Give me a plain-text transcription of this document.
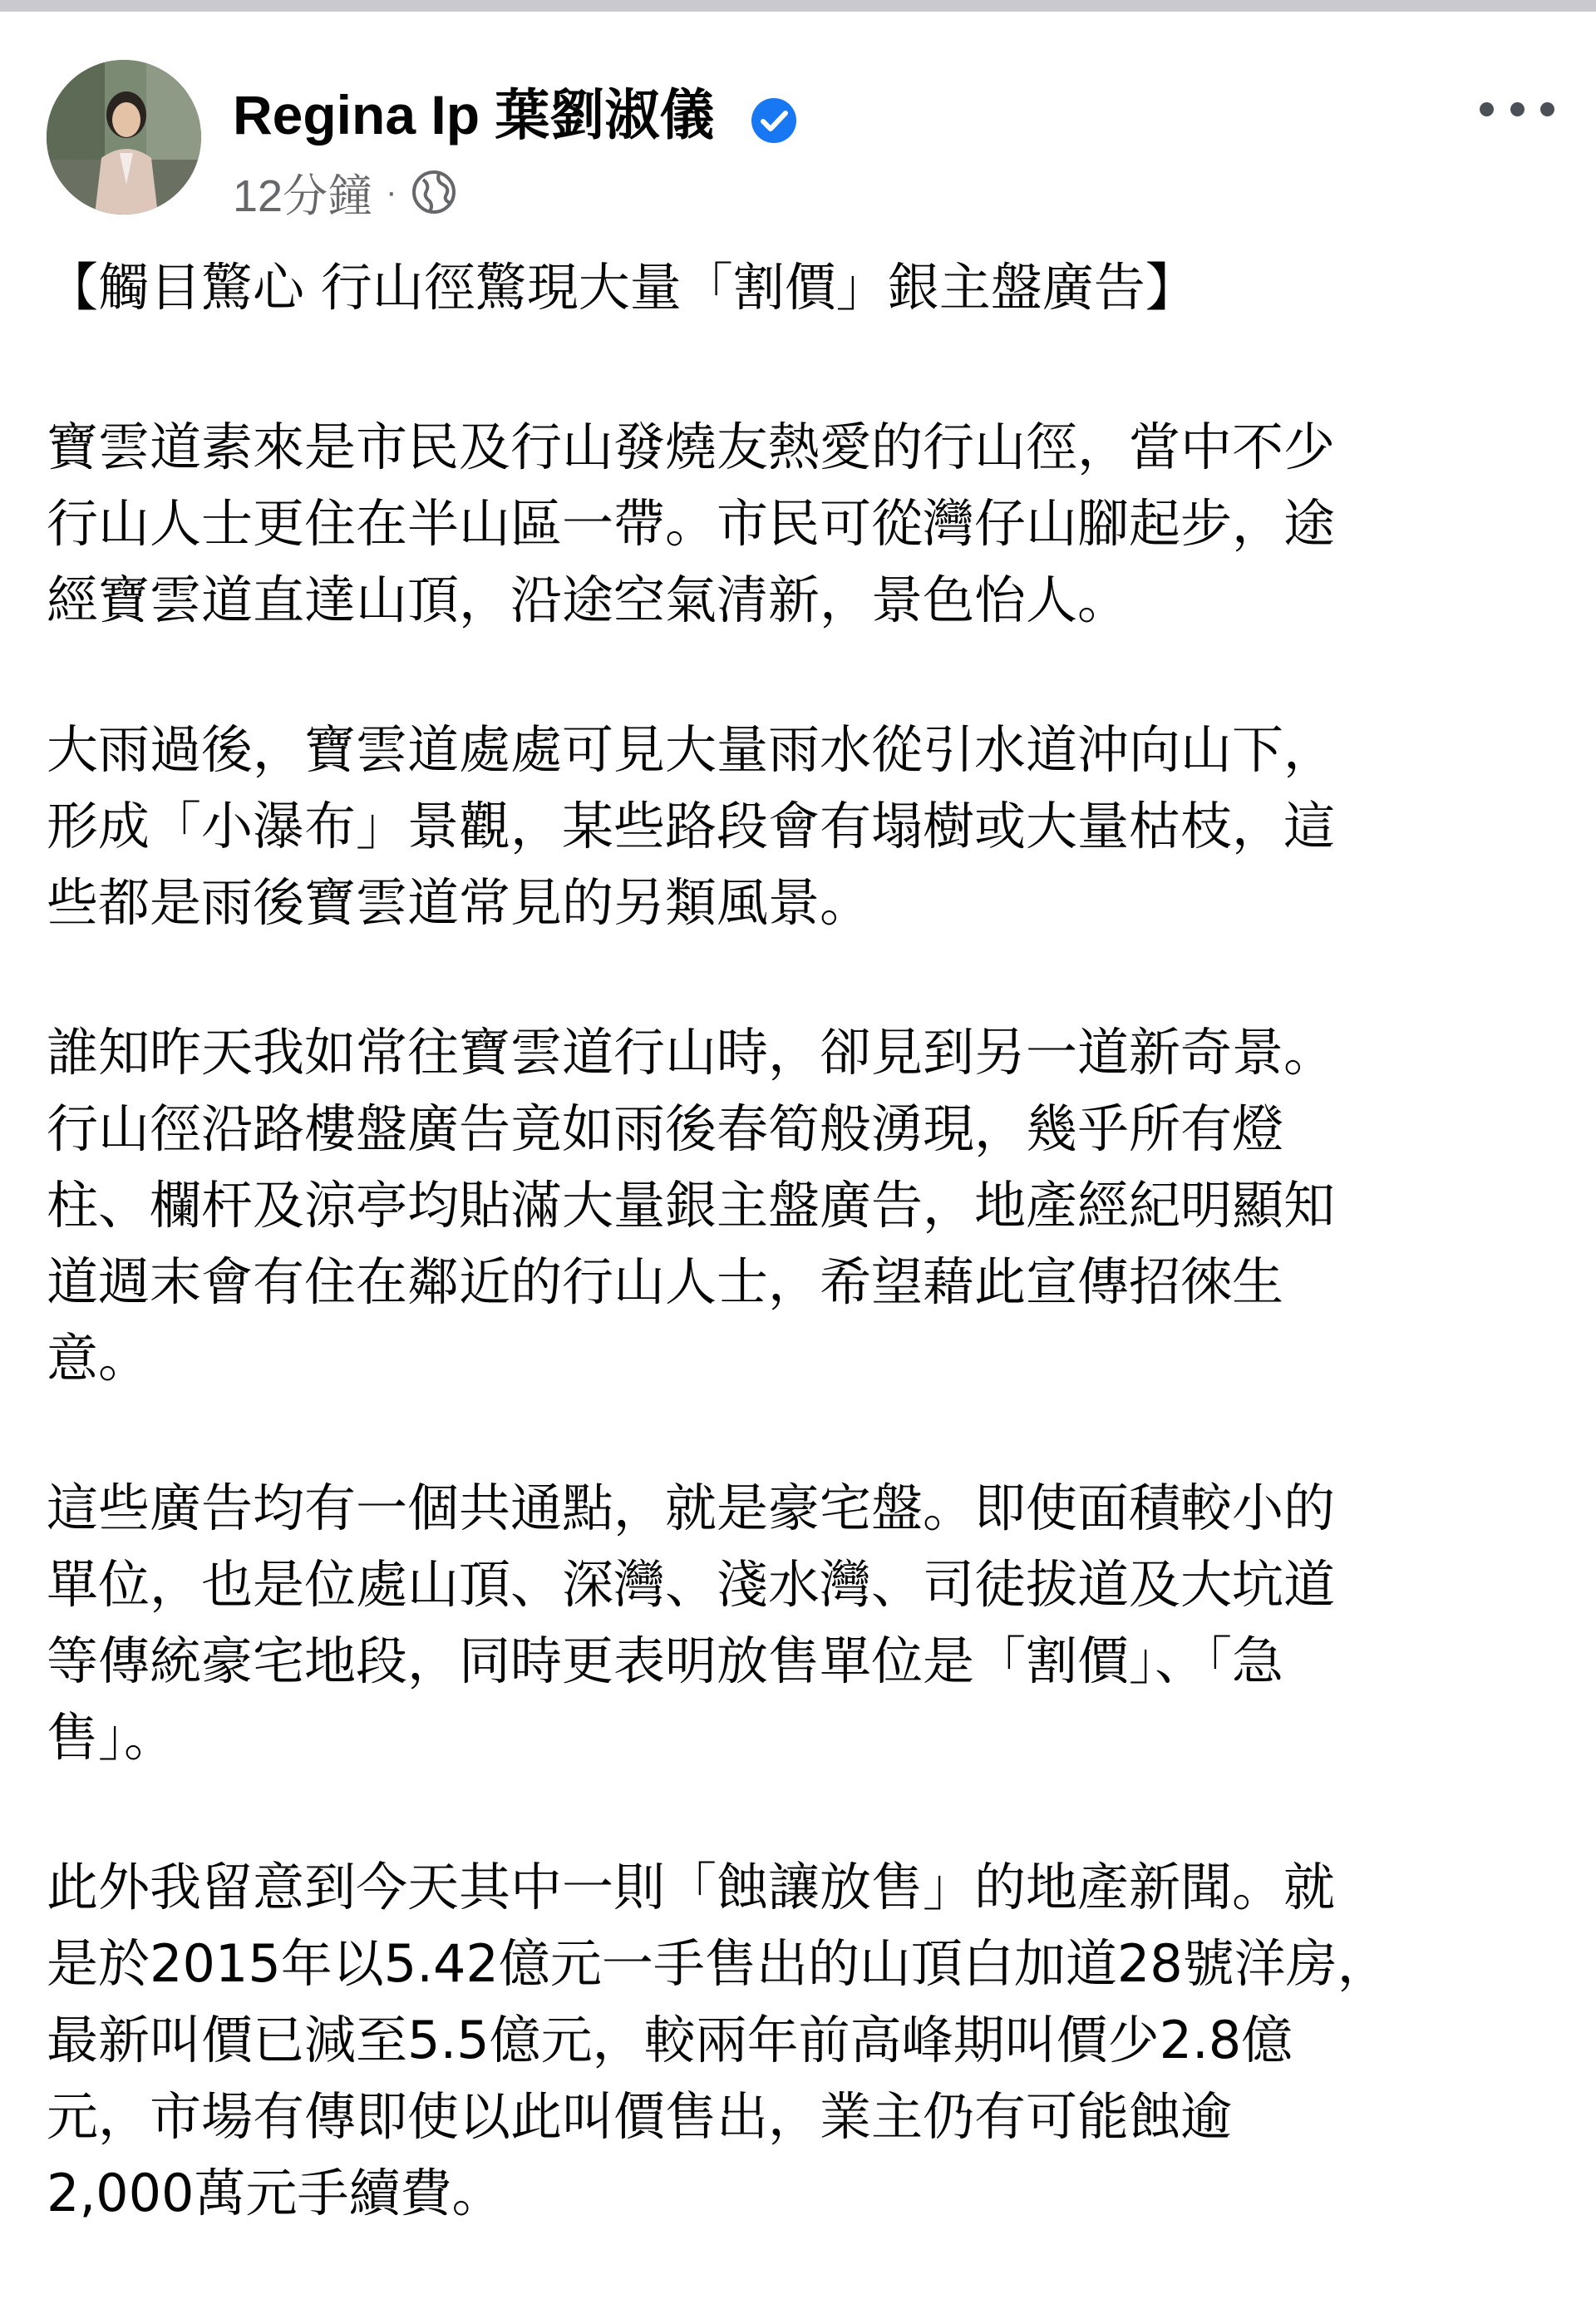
Regina Ip 葉劉淑儀
12分鐘 ·

【觸目驚心 行山徑驚現大量「割價」銀主盤廣告】

寶雲道素來是市民及行山發燒友熱愛的行山徑，當中不少
行山人士更住在半山區一帶。市民可從灣仔山腳起步，途
經寶雲道直達山頂，沿途空氣清新，景色怡人。

大雨過後，寶雲道處處可見大量雨水從引水道沖向山下，
形成「小瀑布」景觀，某些路段會有塌樹或大量枯枝，這
些都是雨後寶雲道常見的另類風景。

誰知昨天我如常往寶雲道行山時，卻見到另一道新奇景。
行山徑沿路樓盤廣告竟如雨後春筍般湧現，幾乎所有燈
柱、欄杆及涼亭均貼滿大量銀主盤廣告，地產經紀明顯知
道週末會有住在鄰近的行山人士，希望藉此宣傳招徠生
意。

這些廣告均有一個共通點，就是豪宅盤。即使面積較小的
單位，也是位處山頂、深灣、淺水灣、司徒拔道及大坑道
等傳統豪宅地段，同時更表明放售單位是「割價」、「急
售」。

此外我留意到今天其中一則「蝕讓放售」的地產新聞。就
是於2015年以5.42億元一手售出的山頂白加道28號洋房，
最新叫價已減至5.5億元，較兩年前高峰期叫價少2.8億
元，市場有傳即使以此叫價售出，業主仍有可能蝕逾
2,000萬元手續費。
